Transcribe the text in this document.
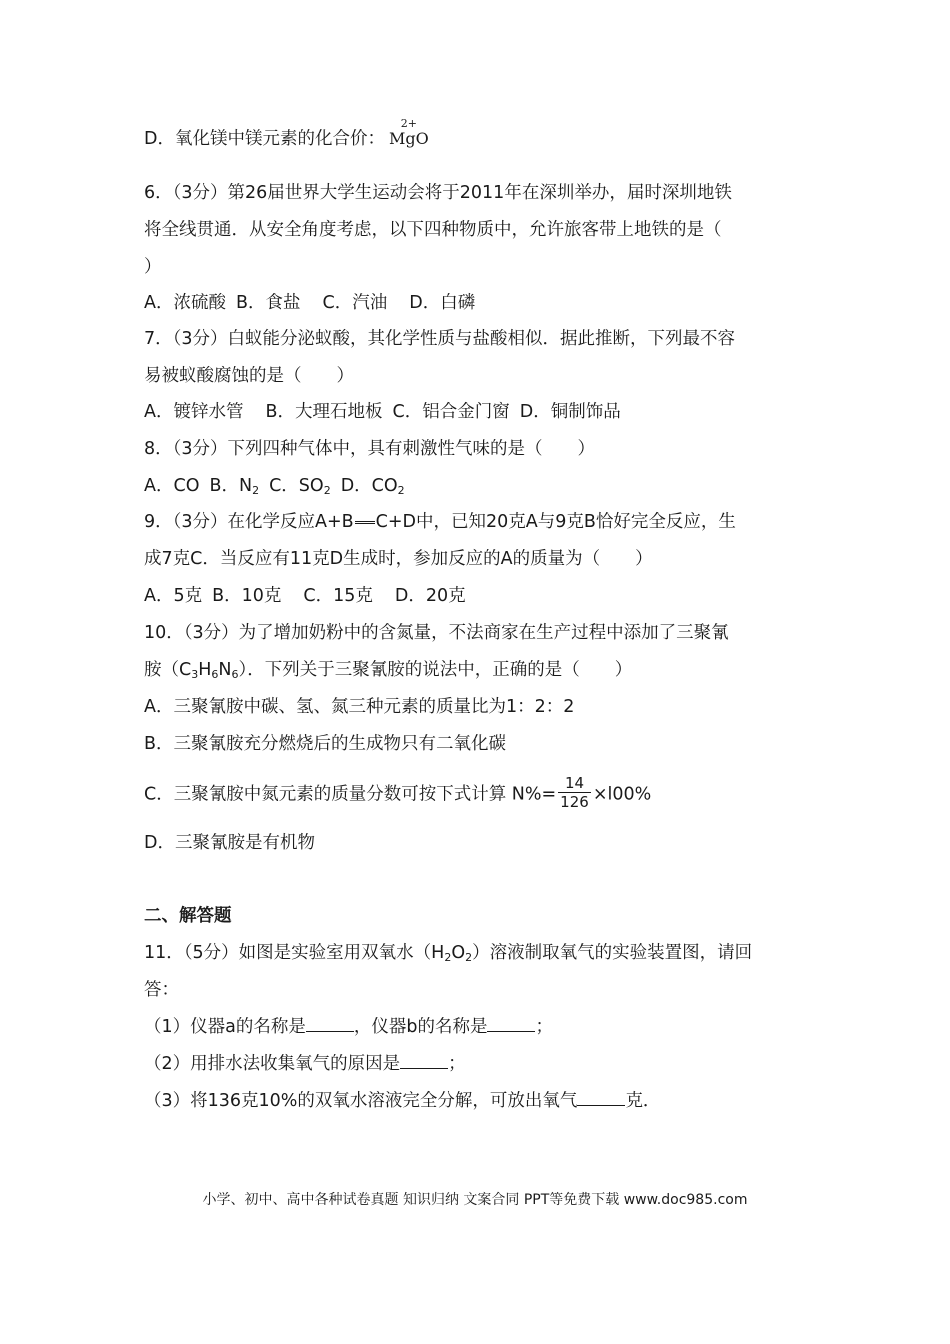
D．氧化镁中镁元素的化合价：
2+
MgO
6．（3分）第26届世界大学生运动会将于2011年在深圳举办，届时深圳地铁
将全线贯通．从安全角度考虑，以下四种物质中，允许旅客带上地铁的是（
）
A．浓硫酸 B．食盐 C．汽油 D．白磷
7．（3分）白蚁能分泌蚁酸，其化学性质与盐酸相似．据此推断，下列最不容
易被蚁酸腐蚀的是（　　）
A．镀锌水管 B．大理石地板 C．铝合金门窗 D．铜制饰品
8．（3分）下列四种气体中，具有刺激性气味的是（　　）
A．CO B．$N_2$ C．$SO_2$ D．$CO_2$
9．（3分）在化学反应A+B C+D中，已知20克A与9克B恰好完全反应，生
成7克C．当反应有11克D生成时，参加反应的A的质量为（　　）
A．5克 B．10克 C．15克 D．20克
10．（3分）为了增加奶粉中的含氮量，不法商家在生产过程中添加了三聚氰
胺$(C_3H_6N_6)$．下列关于三聚氰胺的说法中，正确的是（　　）
A．三聚氰胺中碳、氢、氮三种元素的质量比为1：2：2
B．三聚氰胺充分燃烧后的生成物只有二氧化碳
C．三聚氰胺中氮元素的质量分数可按下式计算 $N\%= \frac{14}{126} \times l00\%$
D．三聚氰胺是有机物
二、解答题
11．（5分）如图是实验室用双氧水$(H_2O_2)$溶液制取氧气的实验装置图，请回
答：
（1）仪器a的名称是	，仪器b的名称是	；
（2）用排水法收集氧气的原因是	；
（3）将136克10%的双氧水溶液完全分解，可放出氧气	克．
小学、初中、高中各种试卷真题 知识归纳 文案合同 PPT等免费下载 www.doc985.com
